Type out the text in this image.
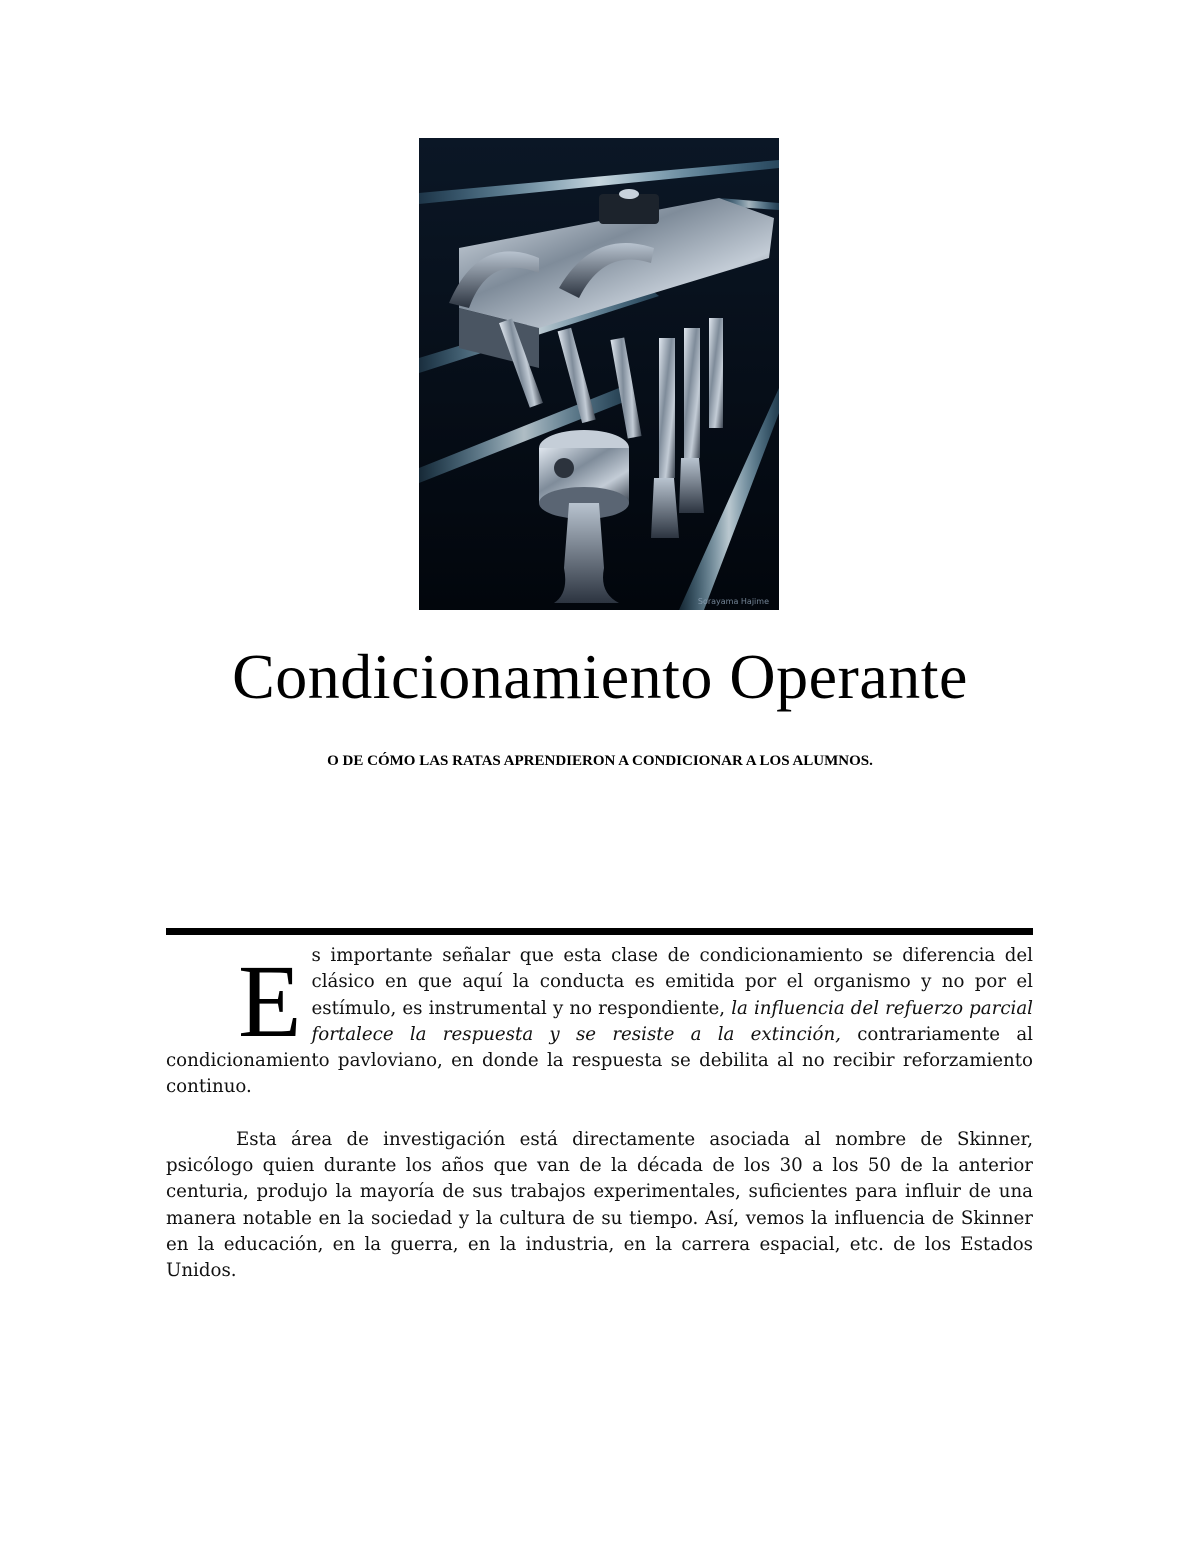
Sorayama Hajime
Condicionamiento Operante

O DE CÓMO LAS RATAS APRENDIERON A CONDICIONAR A LOS ALUMNOS.

Es importante señalar que esta clase de condicionamiento se diferencia del clásico en que aquí la conducta es emitida por el organismo y no por el estímulo, es instrumental y no respondiente, la influencia del refuerzo parcial fortalece la respuesta y se resiste a la extinción, contrariamente al condicionamiento pavloviano, en donde la respuesta se debilita al no recibir reforzamiento continuo.

Esta área de investigación está directamente asociada al nombre de Skinner, psicólogo quien durante los años que van de la década de los 30 a los 50 de la anterior centuria, produjo la mayoría de sus trabajos experimentales, suficientes para influir de una manera notable en la sociedad y la cultura de su tiempo. Así, vemos la influencia de Skinner en la educación, en la guerra, en la industria, en la carrera espacial, etc. de los Estados Unidos.
